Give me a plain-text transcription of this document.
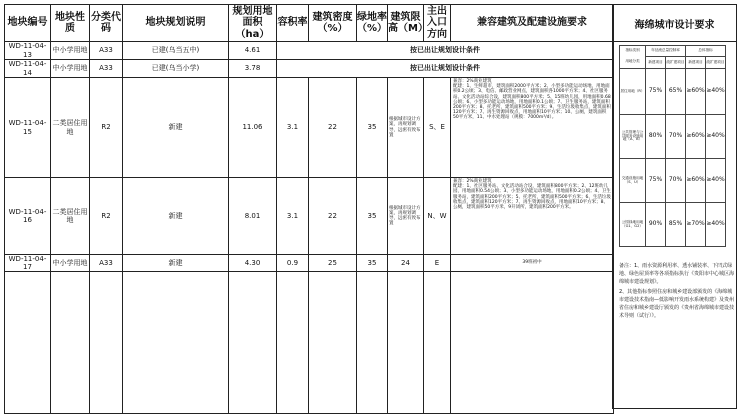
地块编号	地块性质	分类代码	地块规划说明	规划用地面积（ha）	容积率	建筑密度（%）	绿地率（%）	建筑限高（M）	主出入口方向	兼容建筑及配建设施要求
WD-11-04-13	中小学用地	A33	已建(乌当五中)	4.61	按已出让规划设计条件					
WD-11-04-14	中小学用地	A33	已建(乌当小学)	3.78	按已出让规划设计条件					
WD-11-04-15	二类居住用地	R2	新建	11.06	3.1	22	35	根据城市设计方案，再规划调导，远密有致布置	S、E	兼容：2%商业建筑
配建：1、生鲜超市，建筑面积2000平方米；2、小型多功能运动场地，用地面积0.2公顷；3、电信、邮政营业网点，建筑面积各1000平方米；4、社区服务站、文化活动站综合设，建筑面积800平方米；5、15班幼儿园，用地面积0.68公顷；6、小型多功能运动场地，用地面积0.1公顷；7、卫生服务站，建筑面积200平方米；8、托老所，建筑面积500平方米；9、生活垃圾收集点，建筑面积120平方米；7、再生资源回收点，用地面积10平方米；10、公厕，建筑面积50平方米，11、中水处理站（规模：7000m³/d）。
WD-11-04-16	二类居住用地	R2	新建	8.01	3.1	22	35	根据城市设计方案，再规划调导，远密有致布置	N、W	兼容：2%商业建筑
配建：1、社区服务站、文化活动站合设，建筑面积800平方米；2、12班幼儿园，用地面积0.54公顷；3、小型多功能运动场地，用地面积0.2公顷；4、卫生服务站，建筑面积200平方米；5、托老所，建筑面积500平方米；6、生活垃圾收集点，建筑面积120平方米；7、再生资源回收点，用地面积10平方米；8、公厕，建筑面积50平方米，9开闭所，建筑面积200平方米。
WD-11-04-17	中小学用地	A33	新建	4.30	0.9	25	35	24	E	39班初中

海绵城市设计要求
指标类别	年径流总量控制率		总体指标	
用地分类	新建项目	改扩建项目	新建项目	改扩建项目
居住用地（R）	75%	65%	≥60%	≥40%
公共管理与公共服务设施用地（A、B）	80%	70%	≥60%	≥40%
交通设施用地（S、U）	75%	70%	≥60%	≥40%
公园绿地用地（G1、G2）	90%	85%	≥70%	≥40%

备注：1、雨水资源利用率、透水铺装率、下凹式绿地、绿色屋顶率等各项指标执行《贵阳市中心城区海绵城市建设规划》。

2、其他指标参照住房和城乡建设部颁发的《海绵城市建设技术指南—低影响开发雨水系统构建》及贵州省住房和城乡建设厅颁发的《贵州省海绵城市建设技术导则（试行）》。
